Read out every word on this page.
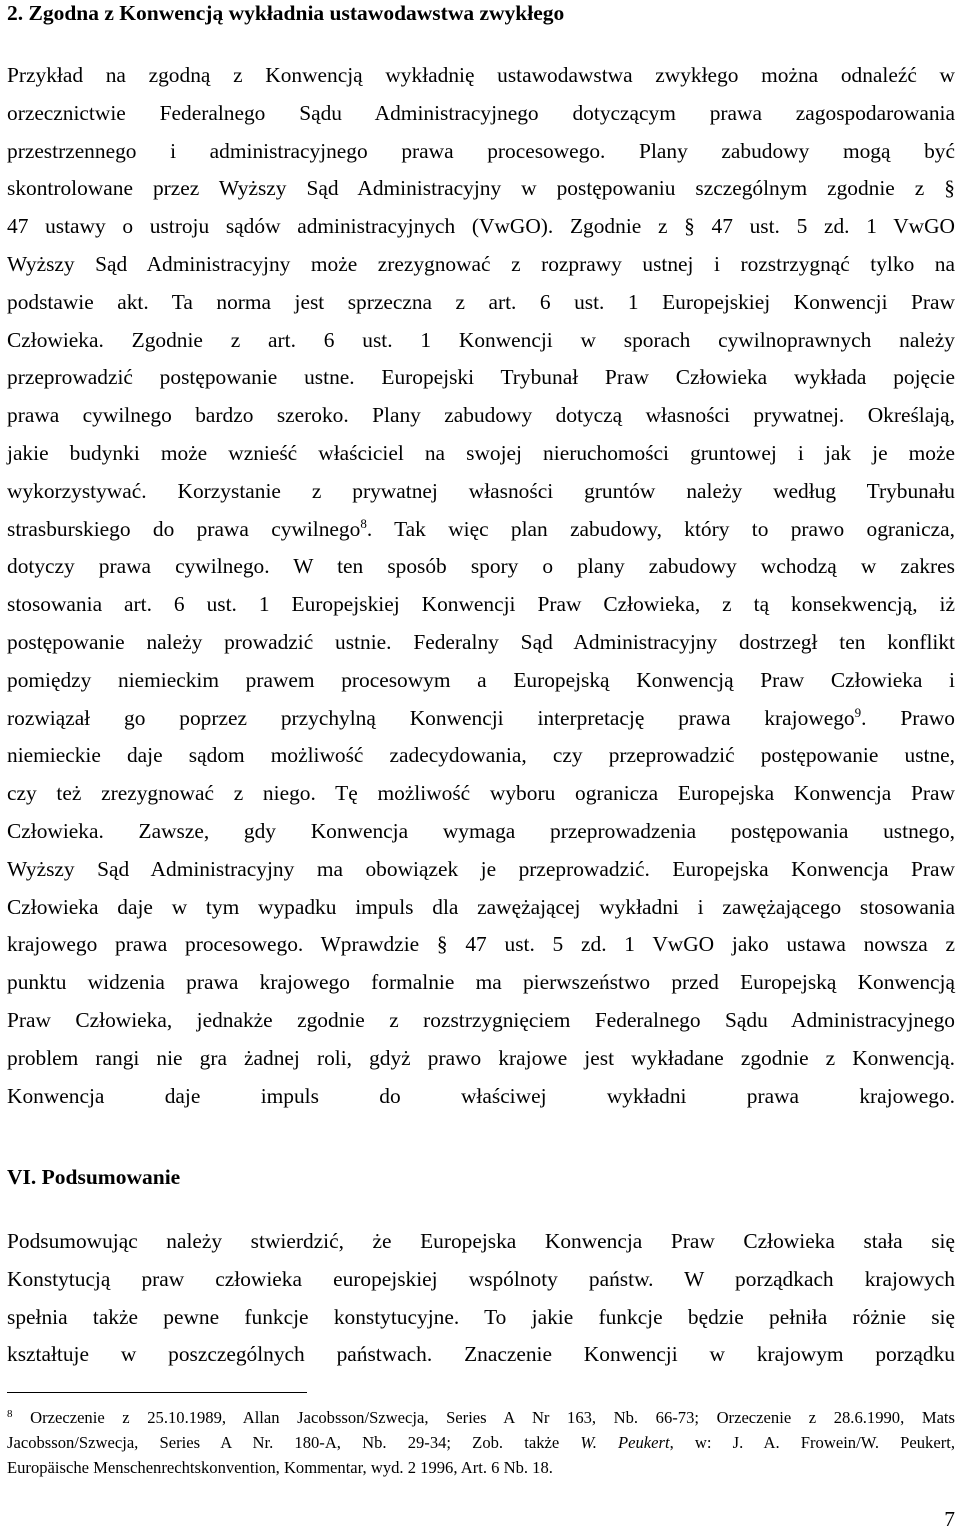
2. Zgodna z Konwencją wykładnia ustawodawstwa zwykłego
Przykład na zgodną z Konwencją wykładnię ustawodawstwa zwykłego można odnaleźć w
orzecznictwie Federalnego Sądu Administracyjnego dotyczącym prawa zagospodarowania
przestrzennego i administracyjnego prawa procesowego. Plany zabudowy mogą być
skontrolowane przez Wyższy Sąd Administracyjny w postępowaniu szczególnym zgodnie z §
47 ustawy o ustroju sądów administracyjnych (VwGO). Zgodnie z § 47 ust. 5 zd. 1 VwGO
Wyższy Sąd Administracyjny może zrezygnować z rozprawy ustnej i rozstrzygnąć tylko na
podstawie akt. Ta norma jest sprzeczna z art. 6 ust. 1 Europejskiej Konwencji Praw
Człowieka. Zgodnie z art. 6 ust. 1 Konwencji w sporach cywilnoprawnych należy
przeprowadzić postępowanie ustne. Europejski Trybunał Praw Człowieka wykłada pojęcie
prawa cywilnego bardzo szeroko. Plany zabudowy dotyczą własności prywatnej. Określają,
jakie budynki może wznieść właściciel na swojej nieruchomości gruntowej i jak je może
wykorzystywać. Korzystanie z prywatnej własności gruntów należy według Trybunału
strasburskiego do prawa cywilnego$^8$. Tak więc plan zabudowy, który to prawo ogranicza,
dotyczy prawa cywilnego. W ten sposób spory o plany zabudowy wchodzą w zakres
stosowania art. 6 ust. 1 Europejskiej Konwencji Praw Człowieka, z tą konsekwencją, iż
postępowanie należy prowadzić ustnie. Federalny Sąd Administracyjny dostrzegł ten konflikt
pomiędzy niemieckim prawem procesowym a Europejską Konwencją Praw Człowieka i
rozwiązał go poprzez przychylną Konwencji interpretację prawa krajowego$^9$. Prawo
niemieckie daje sądom możliwość zadecydowania, czy przeprowadzić postępowanie ustne,
czy też zrezygnować z niego. Tę możliwość wyboru ogranicza Europejska Konwencja Praw
Człowieka. Zawsze, gdy Konwencja wymaga przeprowadzenia postępowania ustnego,
Wyższy Sąd Administracyjny ma obowiązek je przeprowadzić. Europejska Konwencja Praw
Człowieka daje w tym wypadku impuls dla zawężającej wykładni i zawężającego stosowania
krajowego prawa procesowego. Wprawdzie § 47 ust. 5 zd. 1 VwGO jako ustawa nowsza z
punktu widzenia prawa krajowego formalnie ma pierwszeństwo przed Europejską Konwencją
Praw Człowieka, jednakże zgodnie z rozstrzygnięciem Federalnego Sądu Administracyjnego
problem rangi nie gra żadnej roli, gdyż prawo krajowe jest wykładane zgodnie z Konwencją.
Konwencja daje impuls do właściwej wykładni prawa krajowego.
VI. Podsumowanie
Podsumowując należy stwierdzić, że Europejska Konwencja Praw Człowieka stała się
Konstytucją praw człowieka europejskiej wspólnoty państw. W porządkach krajowych
spełnia także pewne funkcje konstytucyjne. To jakie funkcje będzie pełniła różnie się
kształtuje w poszczególnych państwach. Znaczenie Konwencji w krajowym porządku
$^8$ Orzeczenie z 25.10.1989, Allan Jacobsson/Szwecja, Series A Nr 163, Nb. 66-73; Orzeczenie z 28.6.1990, Mats
Jacobsson/Szwecja, Series A Nr. 180-A, Nb. 29-34; Zob. także W. Peukert, w: J. A. Frowein/W. Peukert,
Europäische Menschenrechtskonvention, Kommentar, wyd. 2 1996, Art. 6 Nb. 18.
7
